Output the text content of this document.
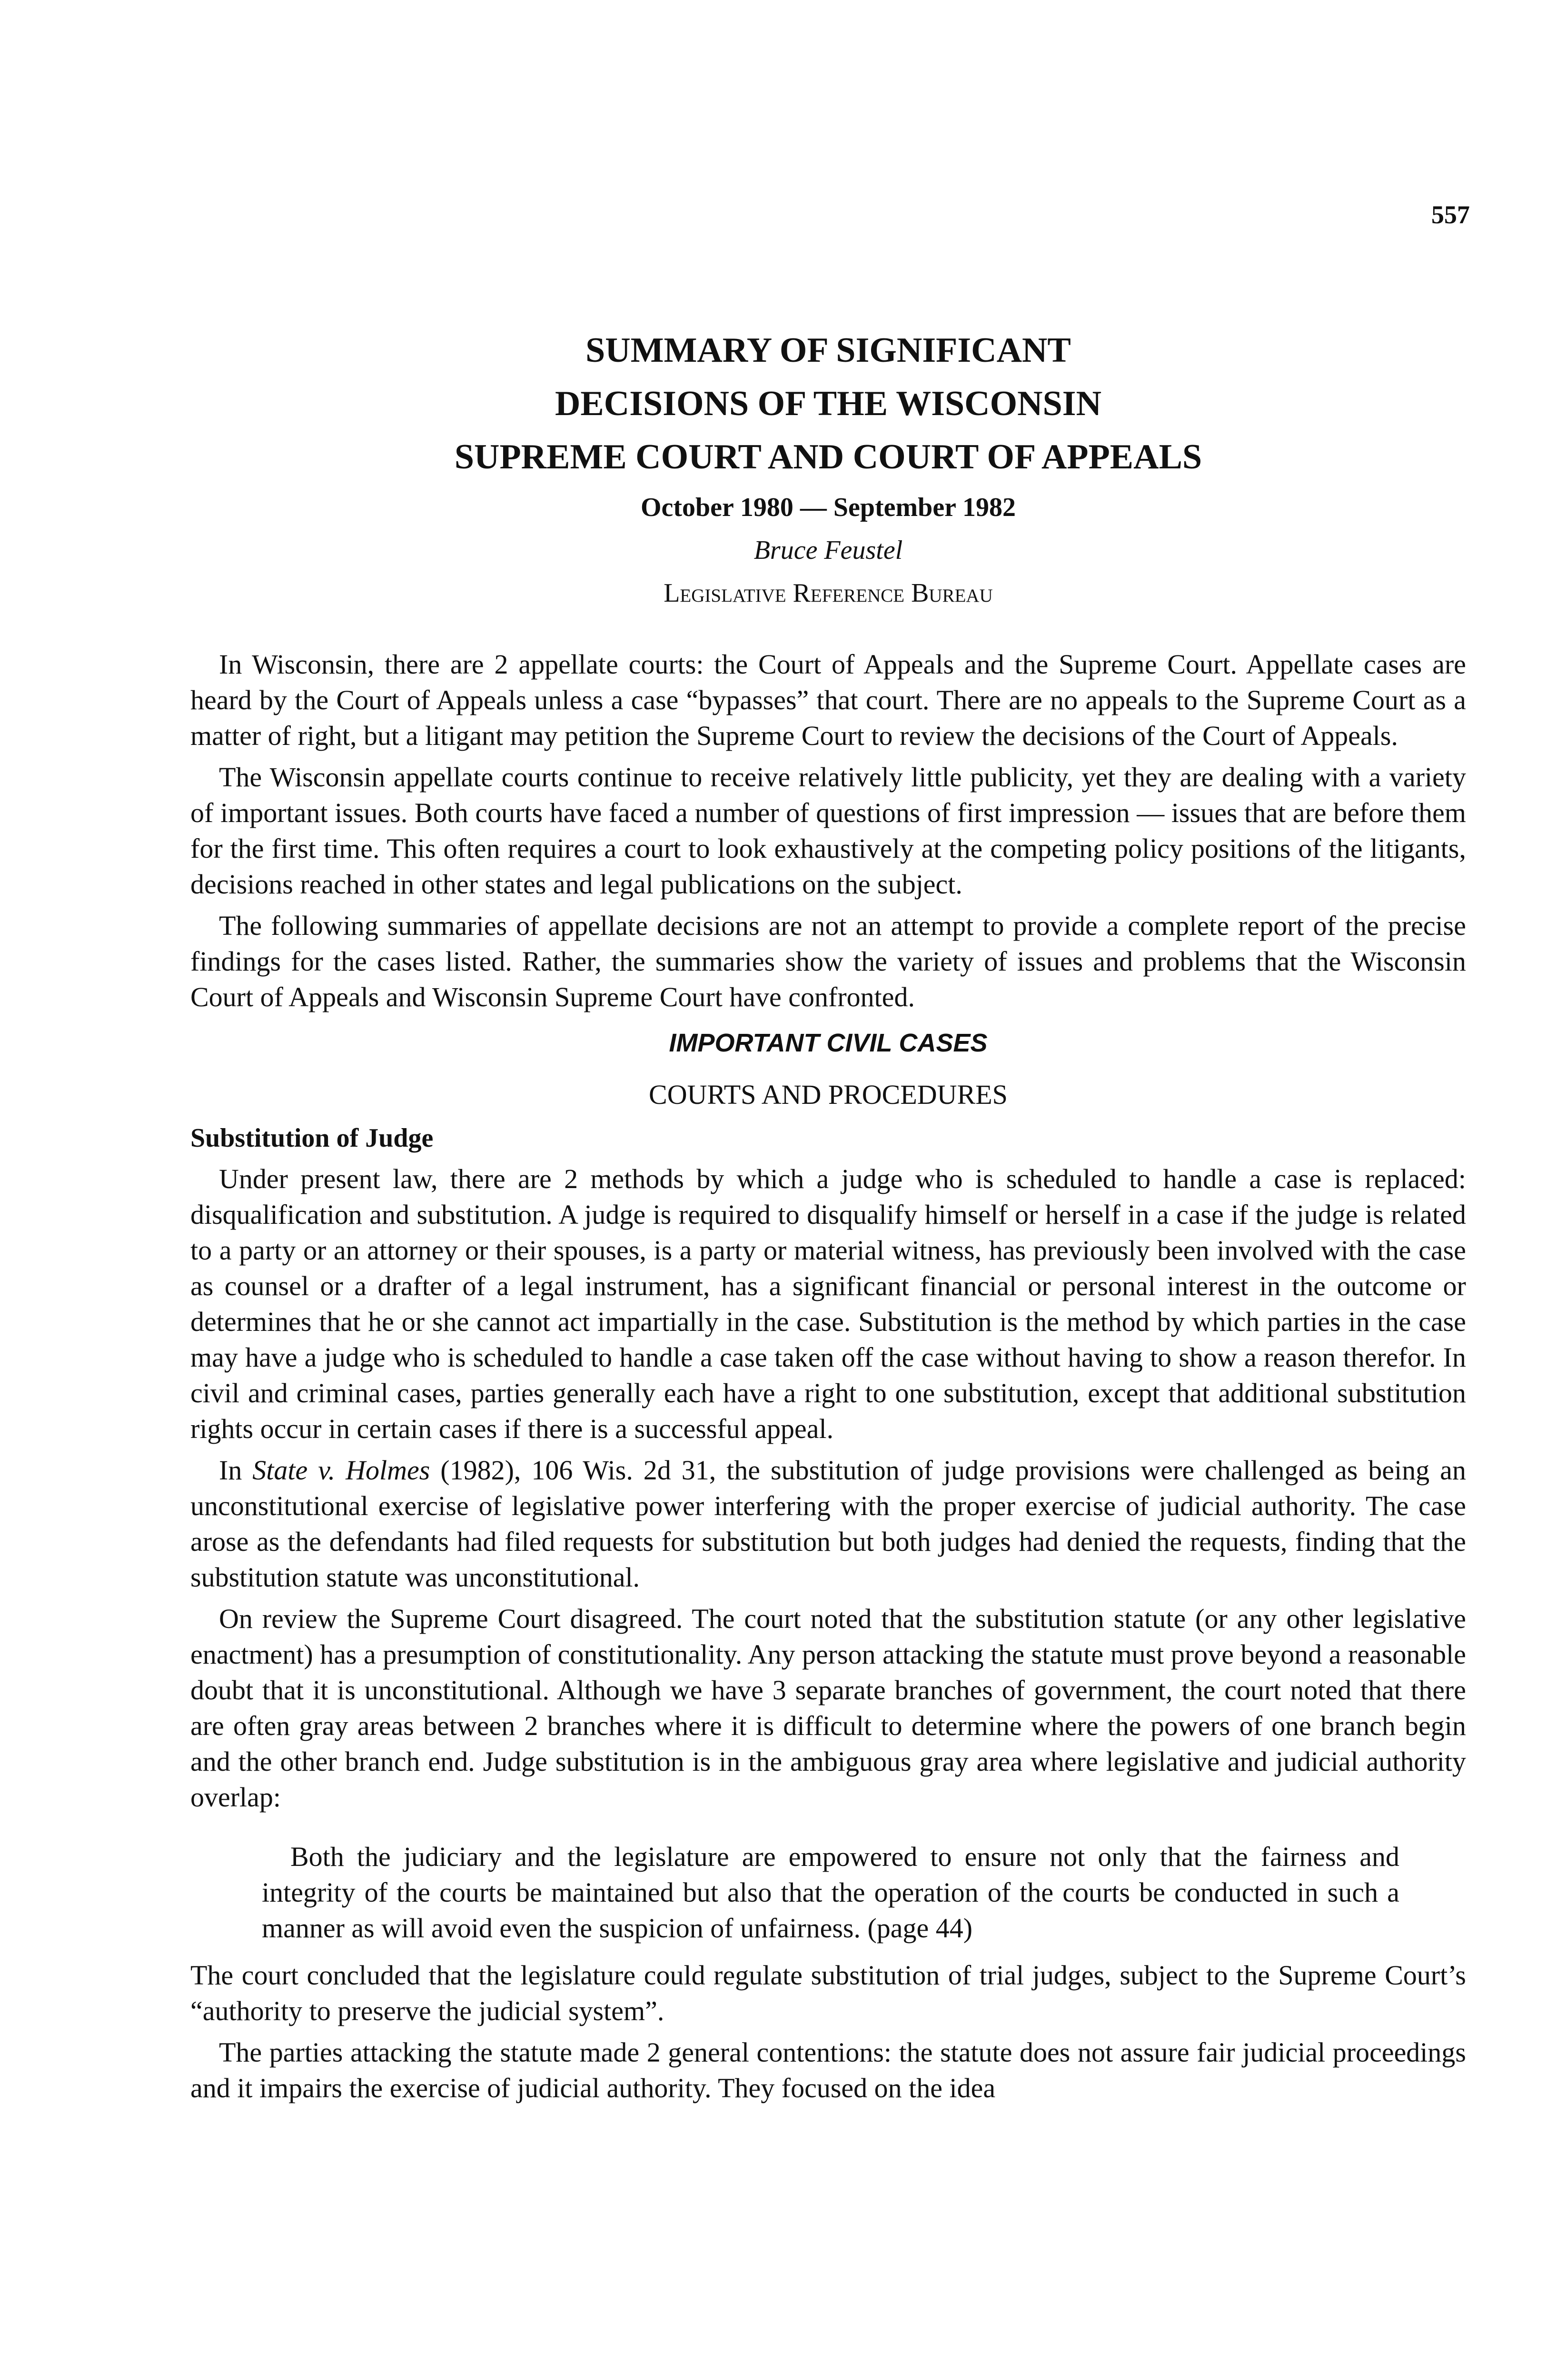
557
SUMMARY OF SIGNIFICANT
DECISIONS OF THE WISCONSIN
SUPREME COURT AND COURT OF APPEALS
October 1980 — September 1982
Bruce Feustel
Legislative Reference Bureau

In Wisconsin, there are 2 appellate courts: the Court of Appeals and the Supreme Court. Appellate cases are heard by the Court of Appeals unless a case “bypasses” that court. There are no appeals to the Supreme Court as a matter of right, but a litigant may petition the Supreme Court to review the decisions of the Court of Appeals.

The Wisconsin appellate courts continue to receive relatively little publicity, yet they are dealing with a variety of important issues. Both courts have faced a number of questions of first impression — issues that are before them for the first time. This often requires a court to look exhaustively at the competing policy positions of the litigants, decisions reached in other states and legal publications on the subject.

The following summaries of appellate decisions are not an attempt to provide a complete report of the precise findings for the cases listed. Rather, the summaries show the variety of issues and problems that the Wisconsin Court of Appeals and Wisconsin Supreme Court have confronted.

IMPORTANT CIVIL CASES
COURTS AND PROCEDURES
Substitution of Judge

Under present law, there are 2 methods by which a judge who is scheduled to handle a case is replaced: disqualification and substitution. A judge is required to disqualify himself or herself in a case if the judge is related to a party or an attorney or their spouses, is a party or material witness, has previously been involved with the case as counsel or a drafter of a legal instrument, has a significant financial or personal interest in the outcome or determines that he or she cannot act impartially in the case. Substitution is the method by which parties in the case may have a judge who is scheduled to handle a case taken off the case without having to show a reason therefor. In civil and criminal cases, parties generally each have a right to one substitution, except that additional substitution rights occur in certain cases if there is a successful appeal.

In State v. Holmes (1982), 106 Wis. 2d 31, the substitution of judge provisions were challenged as being an unconstitutional exercise of legislative power interfering with the proper exercise of judicial authority. The case arose as the defendants had filed requests for substitution but both judges had denied the requests, finding that the substitution statute was unconstitutional.

On review the Supreme Court disagreed. The court noted that the substitution statute (or any other legislative enactment) has a presumption of constitutionality. Any person attacking the statute must prove beyond a reasonable doubt that it is unconstitutional. Although we have 3 separate branches of government, the court noted that there are often gray areas between 2 branches where it is difficult to determine where the powers of one branch begin and the other branch end. Judge substitution is in the ambiguous gray area where legislative and judicial authority overlap:

Both the judiciary and the legislature are empowered to ensure not only that the fairness and integrity of the courts be maintained but also that the operation of the courts be conducted in such a manner as will avoid even the suspicion of unfairness. (page 44)

The court concluded that the legislature could regulate substitution of trial judges, subject to the Supreme Court’s “authority to preserve the judicial system”.

The parties attacking the statute made 2 general contentions: the statute does not assure fair judicial proceedings and it impairs the exercise of judicial authority. They focused on the idea
